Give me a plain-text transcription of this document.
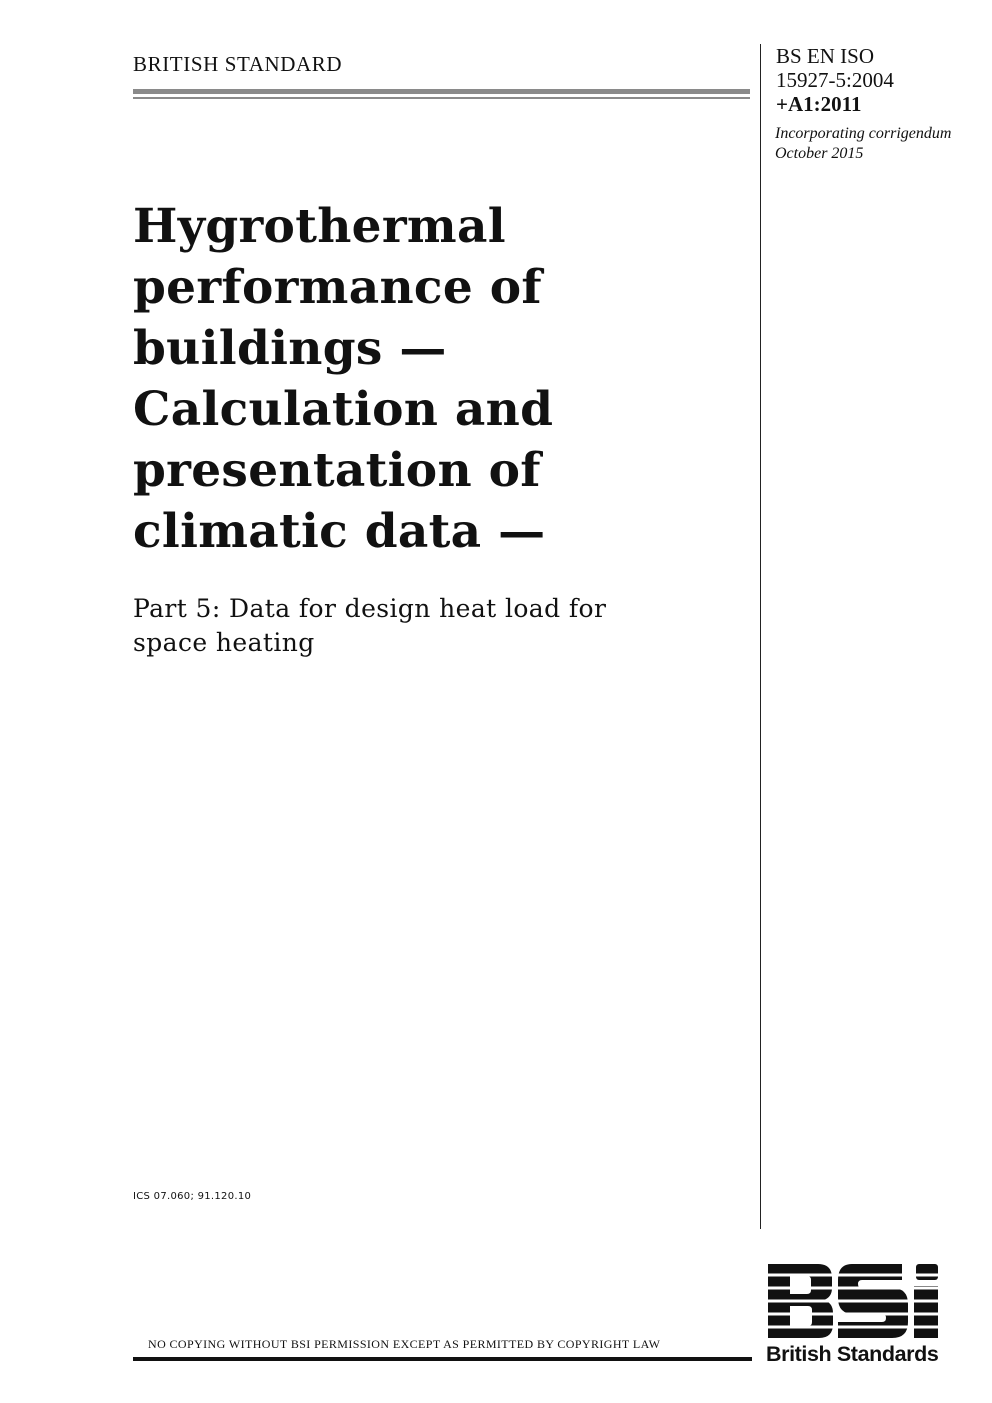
BRITISH STANDARD	BS EN ISO
15927-5:2004
+A1:2011
Incorporating corrigendum
October 2015
Hygrothermal
performance of
buildings —
Calculation and
presentation of
climatic data —
Part 5: Data for design heat load for
space heating
ICS 07.060; 91.120.10
NO COPYING WITHOUT BSI PERMISSION EXCEPT AS PERMITTED BY COPYRIGHT LAW	British Standards
